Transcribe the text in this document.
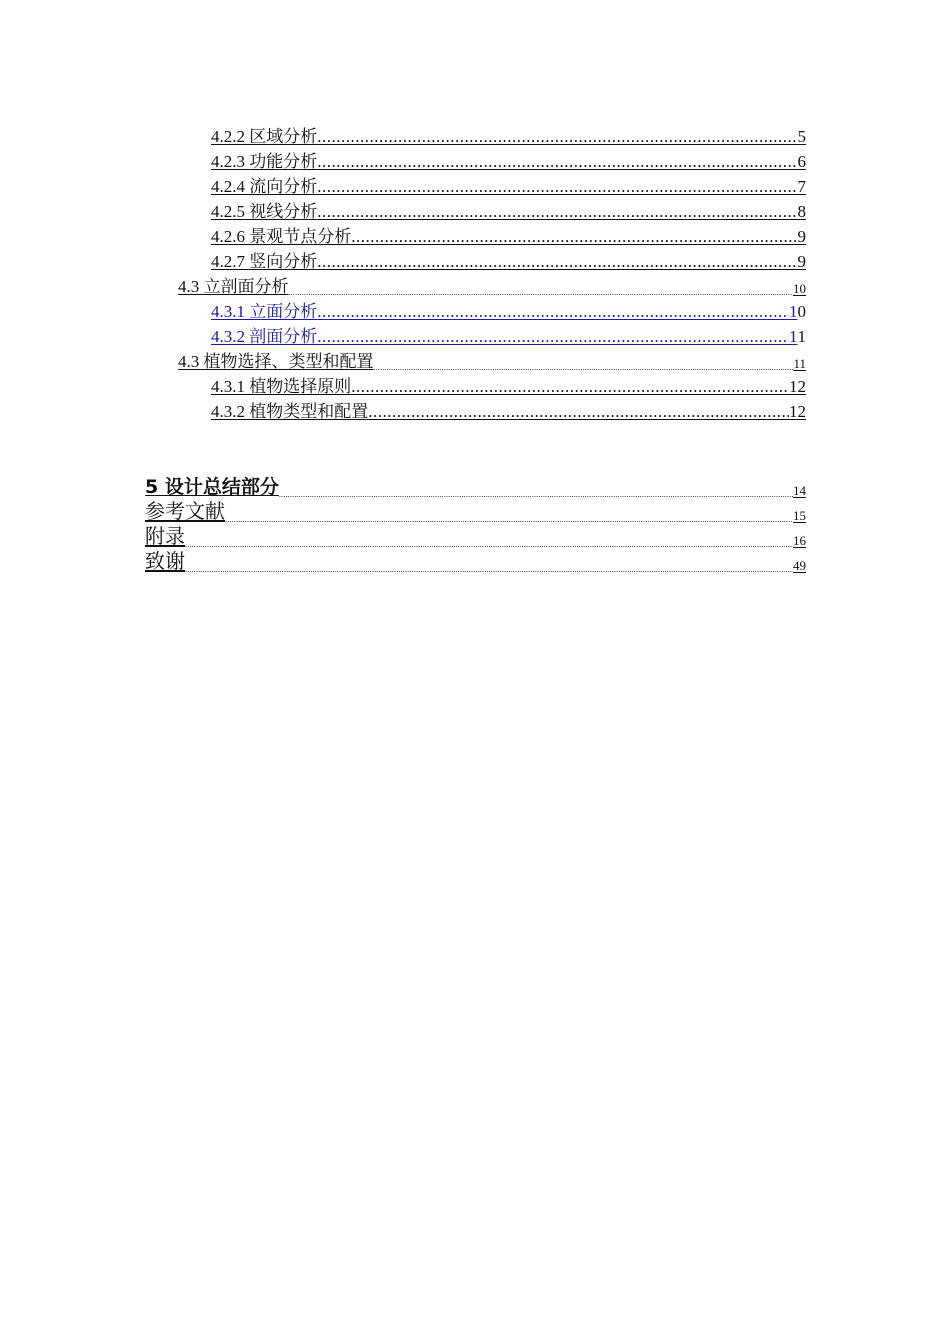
4.2.2 区域分析 .....	5
4.2.3 功能分析 .....	6
4.2.4 流向分析 .....	7
4.2.5 视线分析 .....	8
4.2.6 景观节点分析 .....	9
4.2.7 竖向分析 .....	9
4.3 立剖面分析 .....	10
4.3.1 立面分析 .....	1 0
4.3.2 剖面分析 .....	1 1
4.3 植物选择、类型和配置 .....	11
4.3.1 植物选择原则 .....	12
4.3.2 植物类型和配置 .....	12
5 设计总结部分 .....	14
参考文献 .....	15
附录 .....	16
致谢 .....	49
